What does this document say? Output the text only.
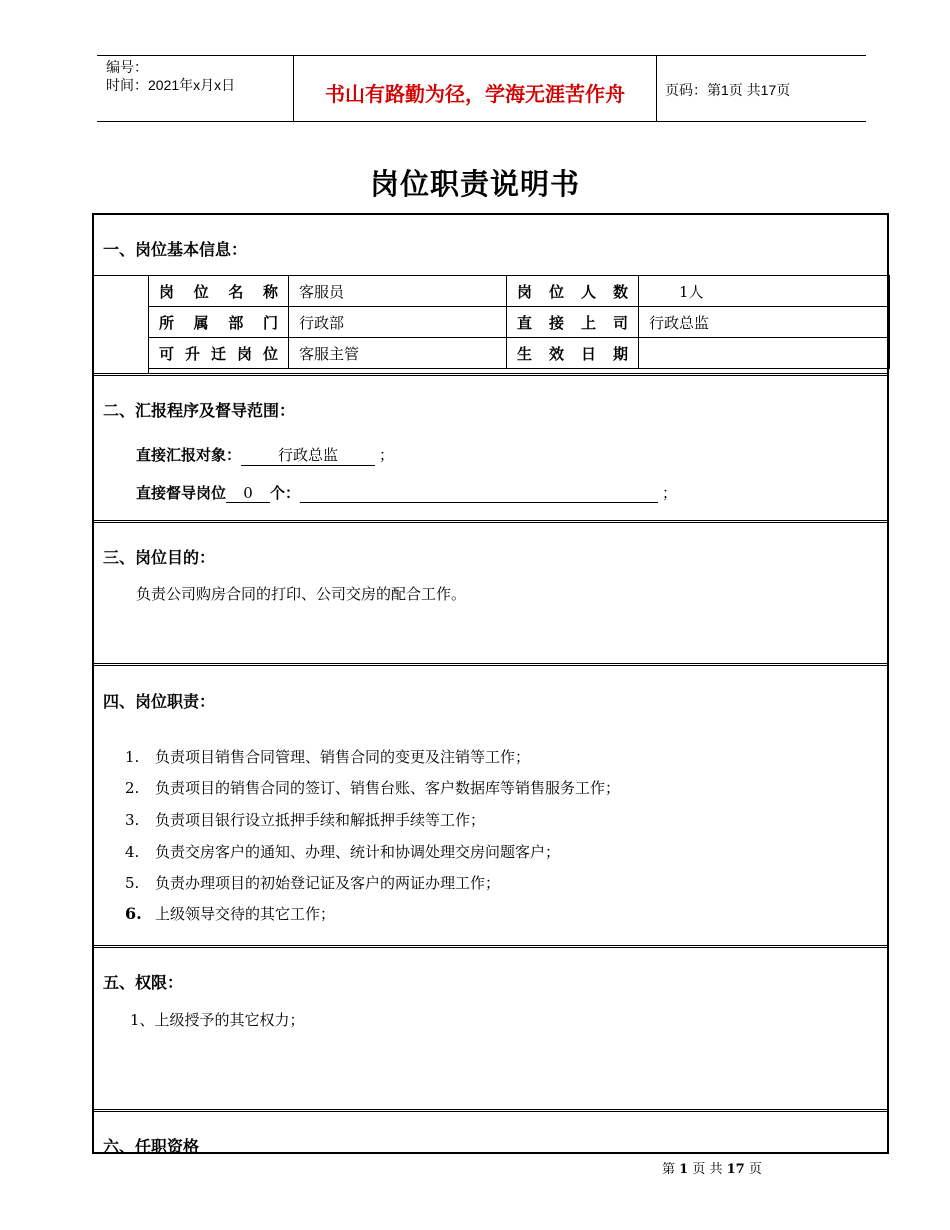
编号：
时间：2021年x月x日	书山有路勤为径，学海无涯苦作舟	页码：第1页 共17页
岗位职责说明书
一、岗位基本信息：
岗位名称	客服员	岗位人数	1人
所属部门	行政部	直接上司	行政总监
可升迁岗位	客服主管	生效日期	
二、汇报程序及督导范围：
直接汇报对象： 行政总监	；
直接督导岗位 0 个：	；
三、岗位目的：
负责公司购房合同的打印、公司交房的配合工作。
四、岗位职责：
1. 负责项目销售合同管理、销售合同的变更及注销等工作；
2. 负责项目的销售合同的签订、销售台账、客户数据库等销售服务工作；
3. 负责项目银行设立抵押手续和解抵押手续等工作；
4. 负责交房客户的通知、办理、统计和协调处理交房问题客户；
5. 负责办理项目的初始登记证及客户的两证办理工作；
6. 上级领导交待的其它工作；
五、权限：
1、上级授予的其它权力；
六、任职资格
第 1 页 共 17 页
